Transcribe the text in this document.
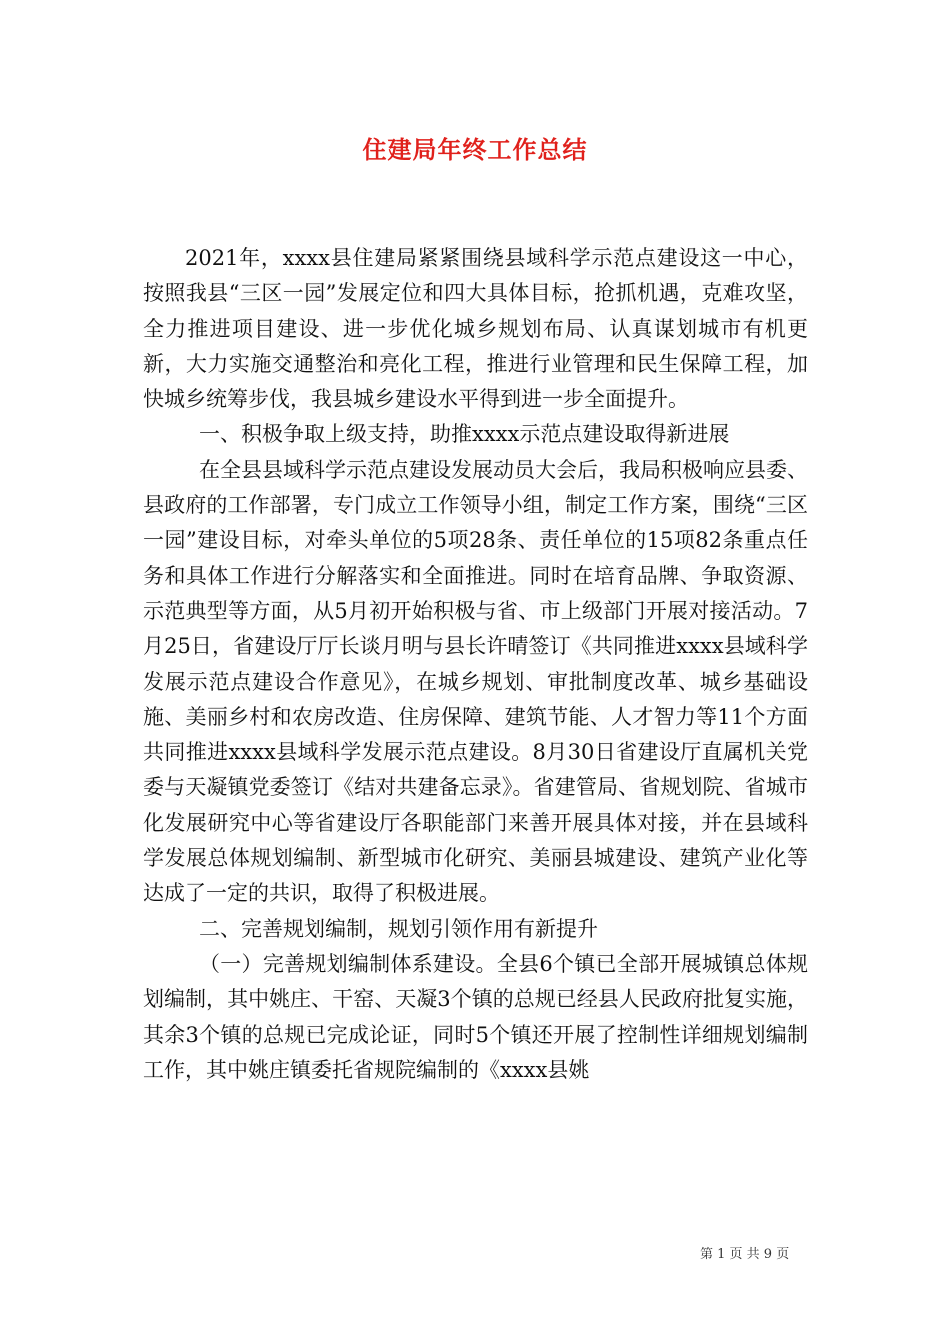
住建局年终工作总结

2021年，xxxx县住建局紧紧围绕县域科学示范点建设这一中心，按照我县“三区一园”发展定位和四大具体目标，抢抓机遇，克难攻坚，全力推进项目建设、进一步优化城乡规划布局、认真谋划城市有机更新，大力实施交通整治和亮化工程，推进行业管理和民生保障工程，加快城乡统筹步伐，我县城乡建设水平得到进一步全面提升。

一、积极争取上级支持，助推xxxx示范点建设取得新进展

在全县县域科学示范点建设发展动员大会后，我局积极响应县委、县政府的工作部署，专门成立工作领导小组，制定工作方案，围绕“三区一园”建设目标，对牵头单位的5项28条、责任单位的15项82条重点任务和具体工作进行分解落实和全面推进。同时在培育品牌、争取资源、示范典型等方面，从5月初开始积极与省、市上级部门开展对接活动。7月25日，省建设厅厅长谈月明与县长许晴签订《共同推进xxxx县域科学发展示范点建设合作意见》，在城乡规划、审批制度改革、城乡基础设施、美丽乡村和农房改造、住房保障、建筑节能、人才智力等11个方面共同推进xxxx县域科学发展示范点建设。8月30日省建设厅直属机关党委与天凝镇党委签订《结对共建备忘录》。省建管局、省规划院、省城市化发展研究中心等省建设厅各职能部门来善开展具体对接，并在县域科学发展总体规划编制、新型城市化研究、美丽县城建设、建筑产业化等达成了一定的共识，取得了积极进展。

二、完善规划编制，规划引领作用有新提升

（一）完善规划编制体系建设。全县6个镇已全部开展城镇总体规划编制，其中姚庄、干窑、天凝3个镇的总规已经县人民政府批复实施，其余3个镇的总规已完成论证，同时5个镇还开展了控制性详细规划编制工作，其中姚庄镇委托省规院编制的《xxxx县姚

第 1 页 共 9 页
